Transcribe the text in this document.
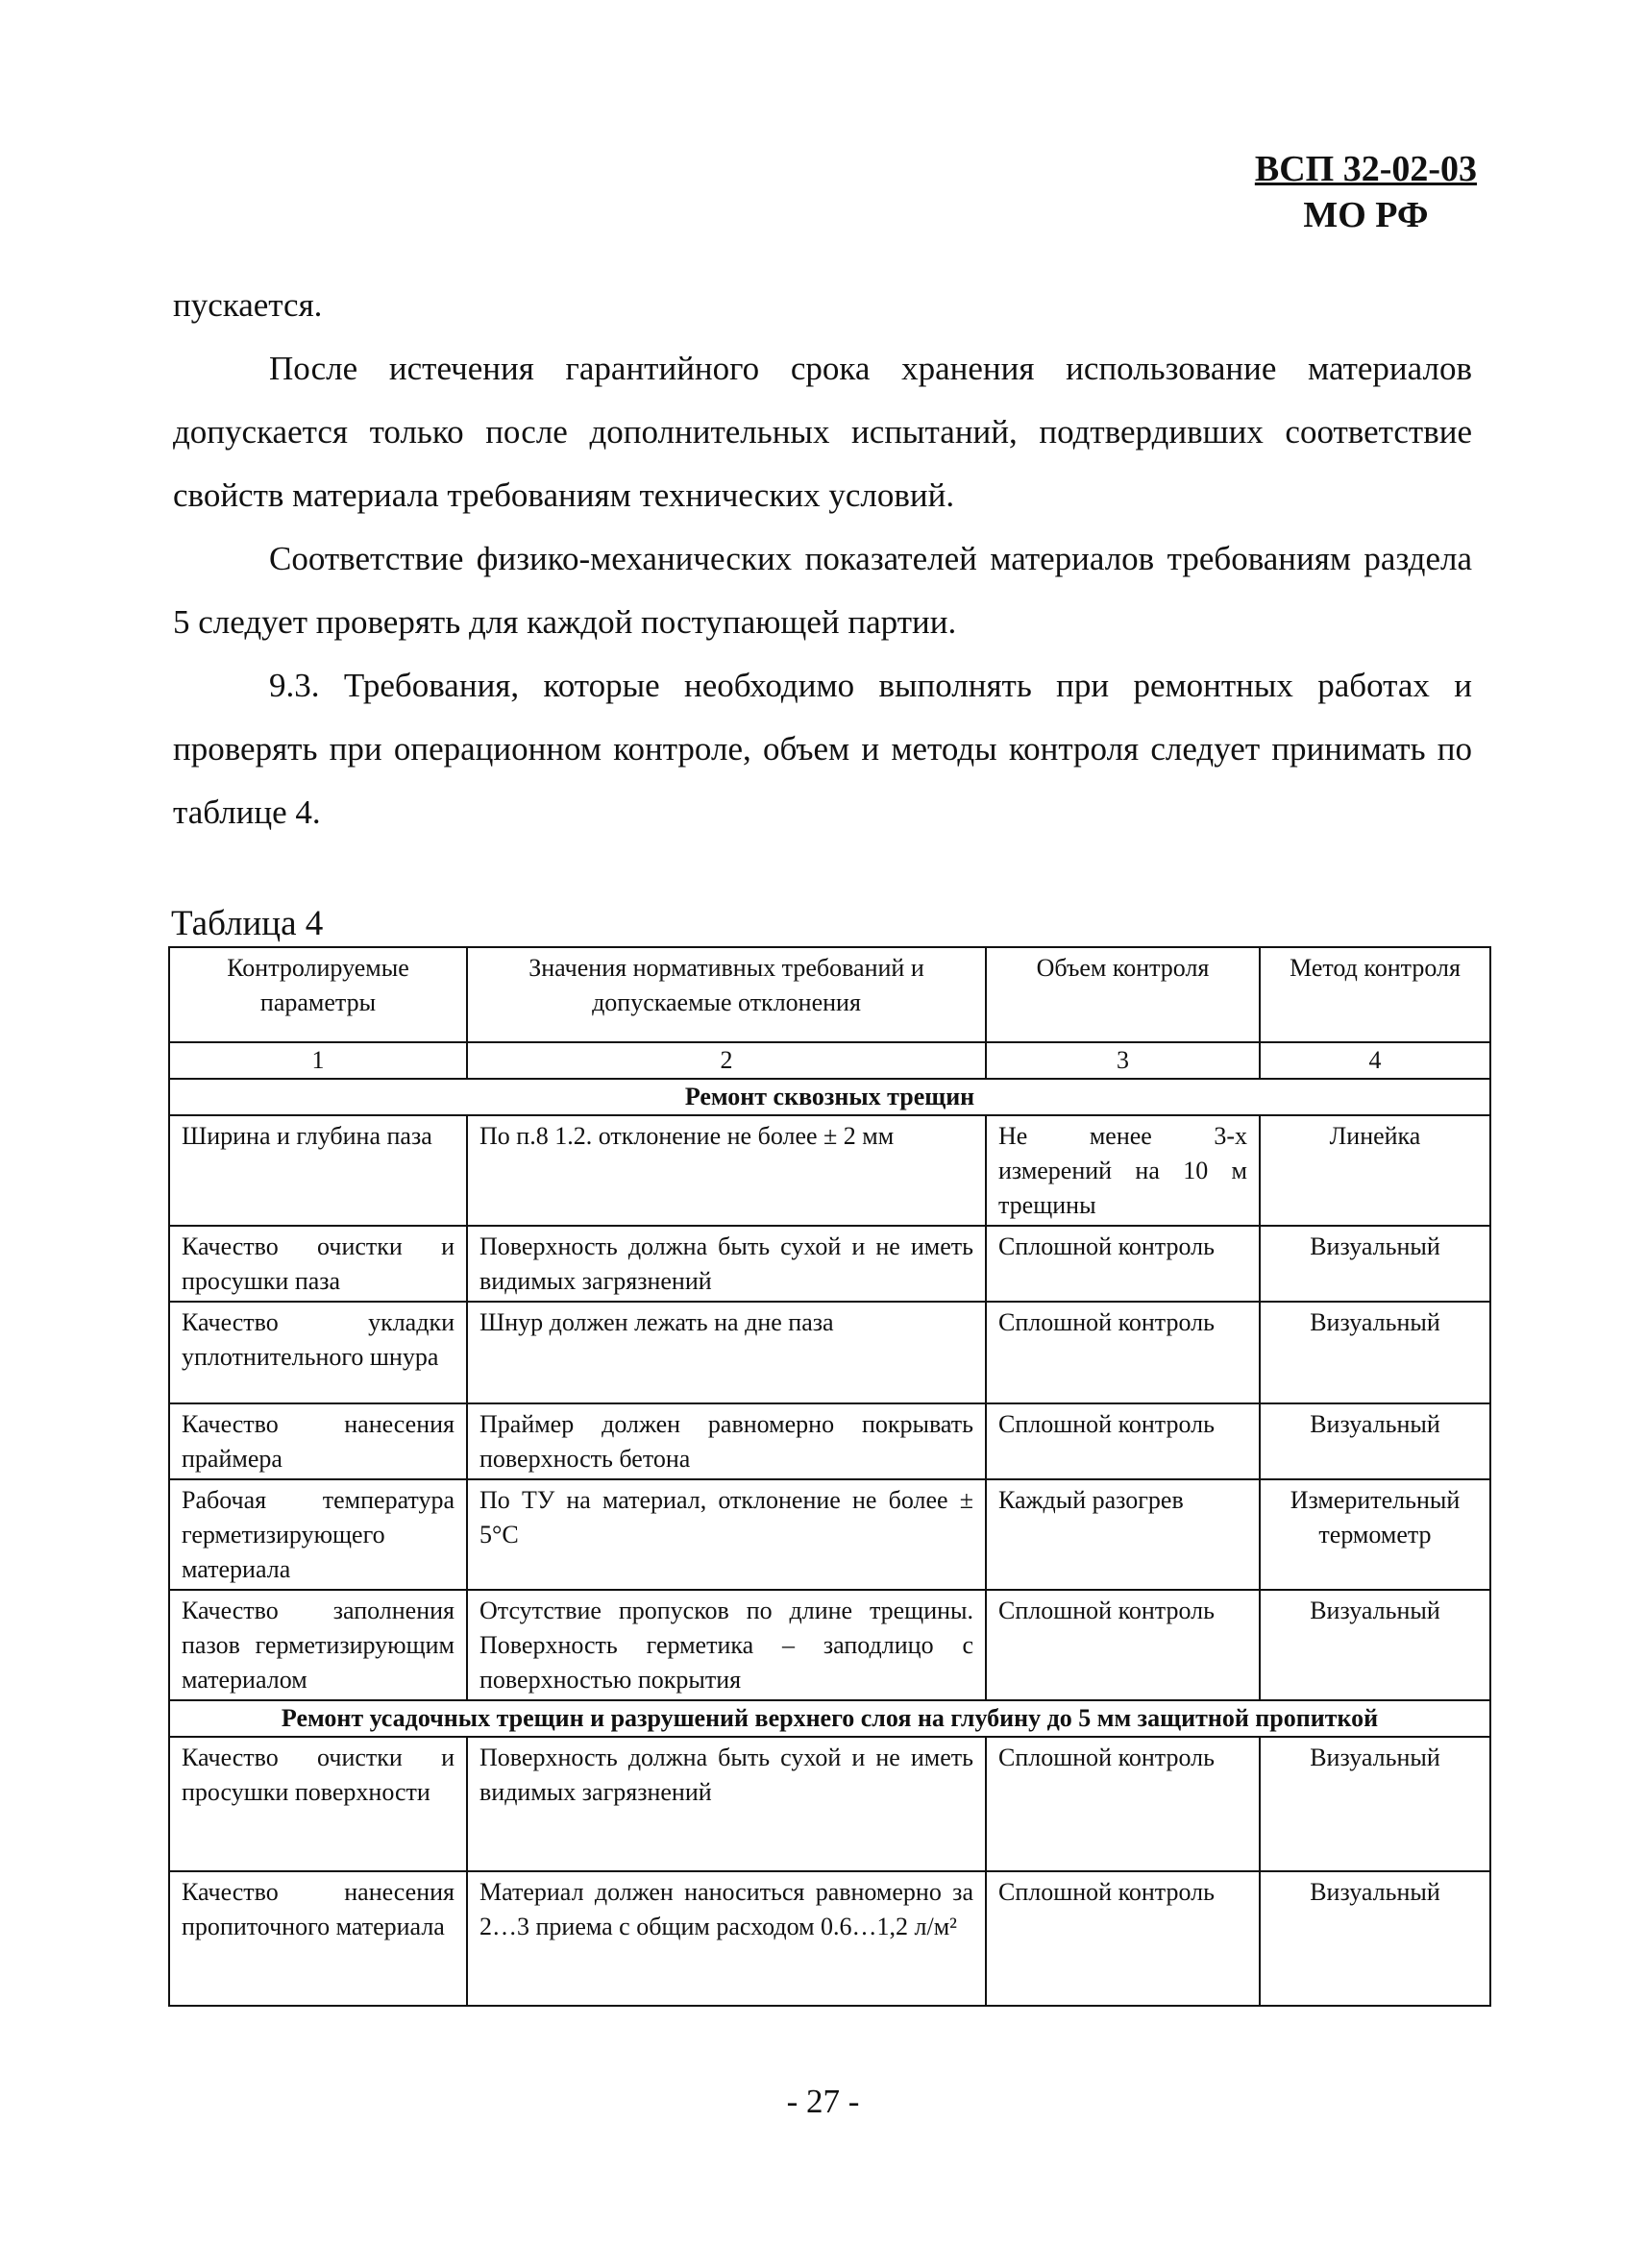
ВСП 32-02-03
МО РФ

пускается.

После истечения гарантийного срока хранения использование материалов допускается только после дополнительных испытаний, подтвердивших соответствие свойств материала требованиям технических условий.

Соответствие физико-механических показателей материалов требованиям раздела 5 следует проверять для каждой поступающей партии.

9.3. Требования, которые необходимо выполнять при ремонтных работах и проверять при операционном контроле, объем и методы контроля следует принимать по таблице 4.

Таблица 4
Контролируемые параметры	Значения нормативных требований и допускаемые отклонения	Объем контроля	Метод контроля
1	2	3	4
Ремонт сквозных трещин			
Ширина и глубина паза	По п.8 1.2. отклонение не более ± 2 мм	Не менее 3-х измерений на 10 м трещины	Линейка
Качество очистки и просушки паза	Поверхность должна быть сухой и не иметь видимых загрязнений	Сплошной контроль	Визуальный
Качество укладки уплотнительного шнура	Шнур должен лежать на дне паза	Сплошной контроль	Визуальный
Качество нанесения праймера	Праймер должен равномерно покрывать поверхность бетона	Сплошной контроль	Визуальный
Рабочая температура герметизирующего материала	По ТУ на материал, отклонение не более ± 5°C	Каждый разогрев	Измерительный термометр
Качество заполнения пазов герметизирующим материалом	Отсутствие пропусков по длине трещины. Поверхность герметика – заподлицо с поверхностью покрытия	Сплошной контроль	Визуальный
Ремонт усадочных трещин и разрушений верхнего слоя на глубину до 5 мм защитной пропиткой			
Качество очистки и просушки поверхности	Поверхность должна быть сухой и не иметь видимых загрязнений	Сплошной контроль	Визуальный
Качество нанесения пропиточного материала	Материал должен наноситься равномерно за 2…3 приема с общим расходом 0.6…1,2 л/м²	Сплошной контроль	Визуальный
- 27 -
